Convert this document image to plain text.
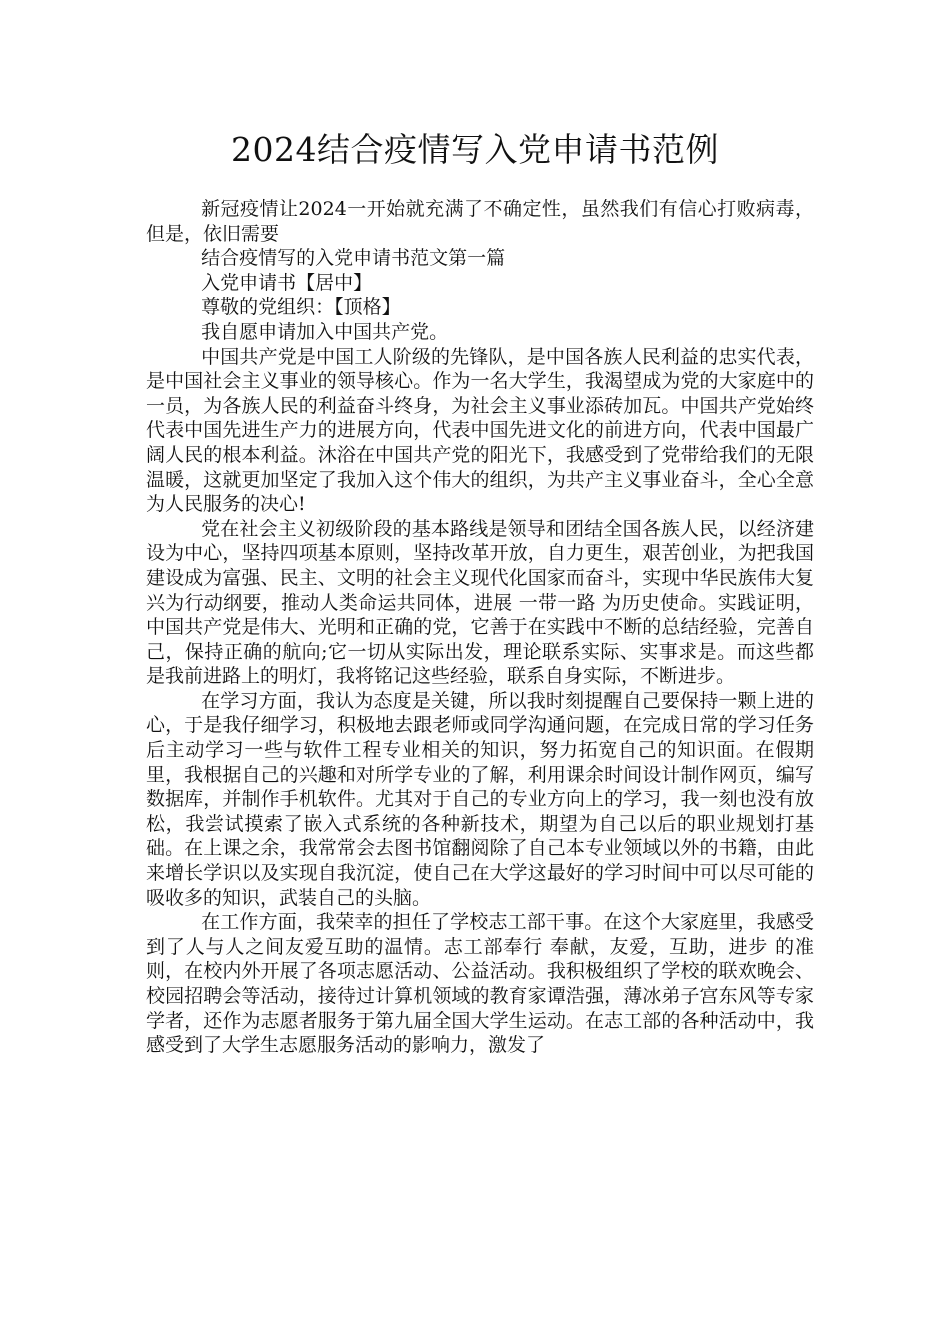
2024结合疫情写入党申请书范例

新冠疫情让2024一开始就充满了不确定性，虽然我们有信心打败病毒，但是，依旧需要

结合疫情写的入党申请书范文第一篇

入党申请书【居中】

尊敬的党组织：【顶格】

我自愿申请加入中国共产党。

中国共产党是中国工人阶级的先锋队，是中国各族人民利益的忠实代表，是中国社会主义事业的领导核心。作为一名大学生，我渴望成为党的大家庭中的一员，为各族人民的利益奋斗终身，为社会主义事业添砖加瓦。中国共产党始终代表中国先进生产力的进展方向，代表中国先进文化的前进方向，代表中国最广阔人民的根本利益。沐浴在中国共产党的阳光下，我感受到了党带给我们的无限温暖，这就更加坚定了我加入这个伟大的组织，为共产主义事业奋斗，全心全意为人民服务的决心!

党在社会主义初级阶段的基本路线是领导和团结全国各族人民，以经济建设为中心，坚持四项基本原则，坚持改革开放，自力更生，艰苦创业，为把我国建设成为富强、民主、文明的社会主义现代化国家而奋斗，实现中华民族伟大复兴为行动纲要，推动人类命运共同体，进展 一带一路 为历史使命。实践证明，中国共产党是伟大、光明和正确的党，它善于在实践中不断的总结经验，完善自己，保持正确的航向;它一切从实际出发，理论联系实际、实事求是。而这些都是我前进路上的明灯，我将铭记这些经验，联系自身实际，不断进步。

在学习方面，我认为态度是关键，所以我时刻提醒自己要保持一颗上进的心，于是我仔细学习，积极地去跟老师或同学沟通问题，在完成日常的学习任务后主动学习一些与软件工程专业相关的知识，努力拓宽自己的知识面。在假期里，我根据自己的兴趣和对所学专业的了解，利用课余时间设计制作网页，编写数据库，并制作手机软件。尤其对于自己的专业方向上的学习，我一刻也没有放松，我尝试摸索了嵌入式系统的各种新技术，期望为自己以后的职业规划打基础。在上课之余，我常常会去图书馆翻阅除了自己本专业领域以外的书籍，由此来增长学识以及实现自我沉淀，使自己在大学这最好的学习时间中可以尽可能的吸收多的知识，武装自己的头脑。

在工作方面，我荣幸的担任了学校志工部干事。在这个大家庭里，我感受到了人与人之间友爱互助的温情。志工部奉行 奉献，友爱，互助，进步 的准则，在校内外开展了各项志愿活动、公益活动。我积极组织了学校的联欢晚会、校园招聘会等活动，接待过计算机领域的教育家谭浩强，薄冰弟子宫东风等专家学者，还作为志愿者服务于第九届全国大学生运动。在志工部的各种活动中，我感受到了大学生志愿服务活动的影响力，激发了
